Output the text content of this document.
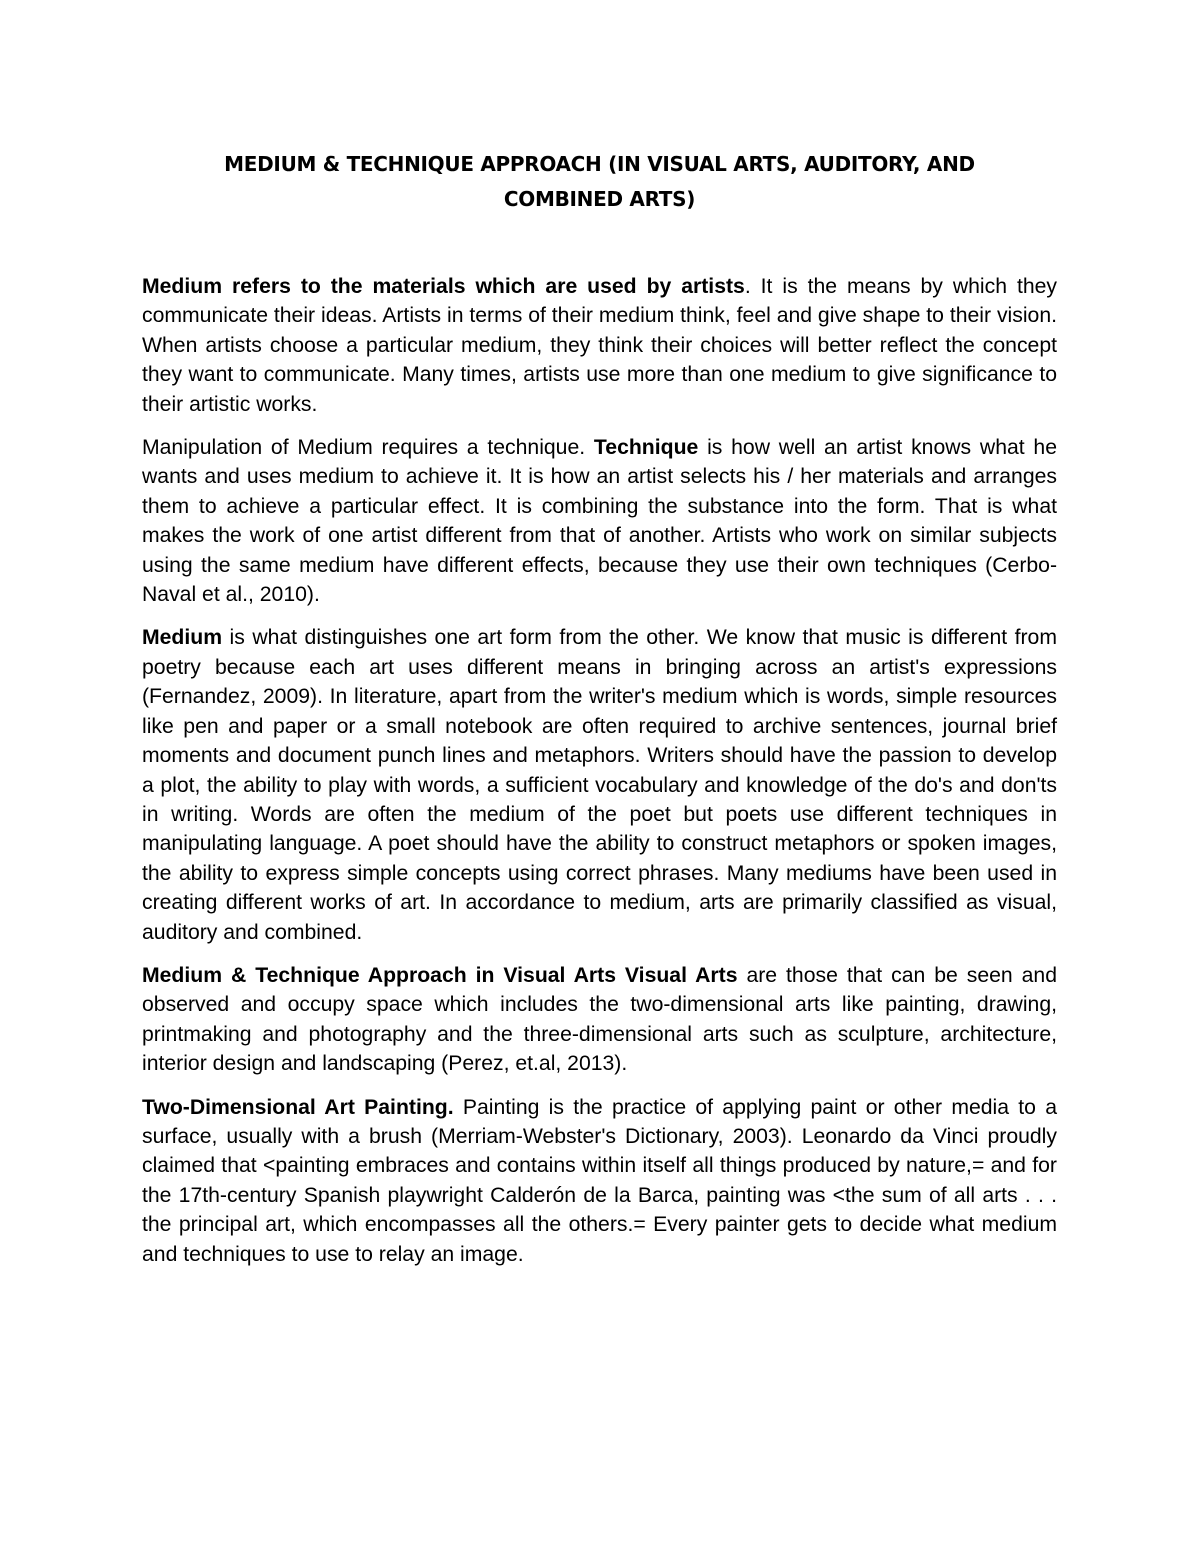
MEDIUM & TECHNIQUE APPROACH (IN VISUAL ARTS, AUDITORY, AND
COMBINED ARTS)

Medium refers to the materials which are used by artists. It is the means by which they communicate their ideas. Artists in terms of their medium think, feel and give shape to their vision. When artists choose a particular medium, they think their choices will better reflect the concept they want to communicate. Many times, artists use more than one medium to give significance to their artistic works.

Manipulation of Medium requires a technique. Technique is how well an artist knows what he wants and uses medium to achieve it. It is how an artist selects his / her materials and arranges them to achieve a particular effect. It is combining the substance into the form. That is what makes the work of one artist different from that of another. Artists who work on similar subjects using the same medium have different effects, because they use their own techniques (Cerbo-Naval et al., 2010).

Medium is what distinguishes one art form from the other. We know that music is different from poetry because each art uses different means in bringing across an artist's expressions (Fernandez, 2009). In literature, apart from the writer's medium which is words, simple resources like pen and paper or a small notebook are often required to archive sentences, journal brief moments and document punch lines and metaphors. Writers should have the passion to develop a plot, the ability to play with words, a sufficient vocabulary and knowledge of the do's and don'ts in writing. Words are often the medium of the poet but poets use different techniques in manipulating language. A poet should have the ability to construct metaphors or spoken images, the ability to express simple concepts using correct phrases. Many mediums have been used in creating different works of art. In accordance to medium, arts are primarily classified as visual, auditory and combined.

Medium & Technique Approach in Visual Arts Visual Arts are those that can be seen and observed and occupy space which includes the two-dimensional arts like painting, drawing, printmaking and photography and the three-dimensional arts such as sculpture, architecture, interior design and landscaping (Perez, et.al, 2013).

Two-Dimensional Art Painting. Painting is the practice of applying paint or other media to a surface, usually with a brush (Merriam-Webster's Dictionary, 2003). Leonardo da Vinci proudly claimed that <painting embraces and contains within itself all things produced by nature,= and for the 17th-century Spanish playwright Calderón de la Barca, painting was <the sum of all arts . . . the principal art, which encompasses all the others.= Every painter gets to decide what medium and techniques to use to relay an image.
